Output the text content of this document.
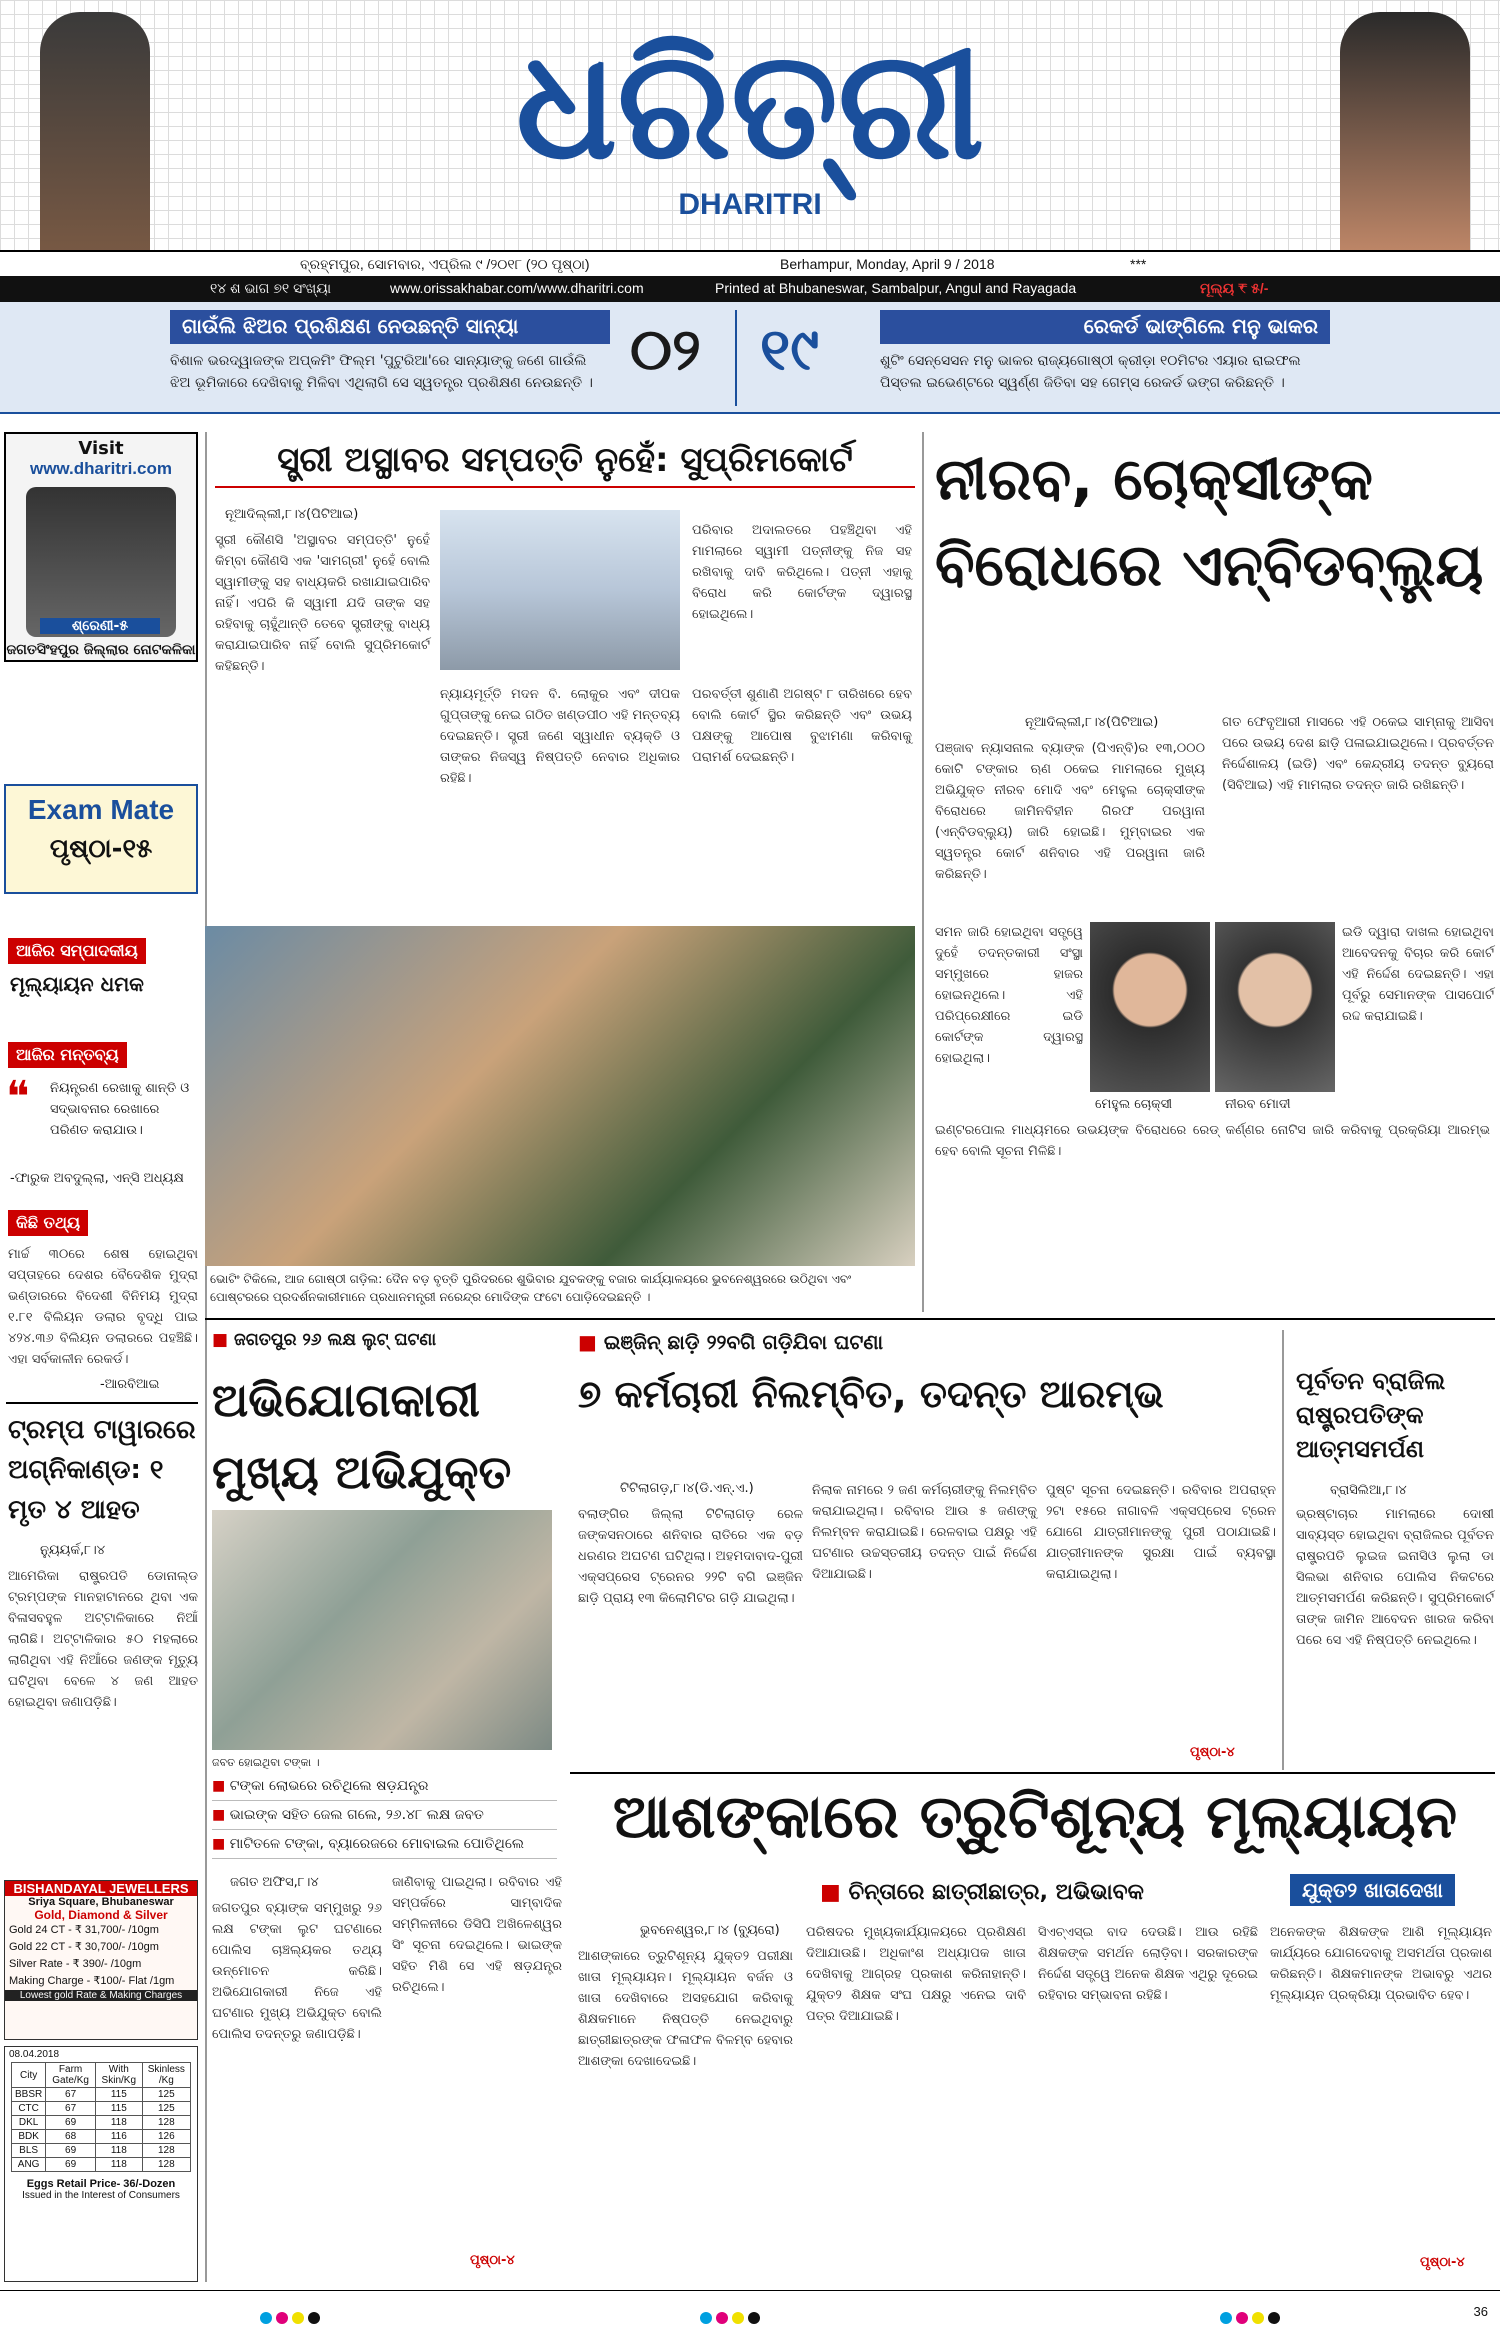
ଧରିତ୍ରୀ
DHARITRI
ବ୍ରହ୍ମପୁର, ସୋମବାର, ଏପ୍ରିଲ ୯ /୨୦୧୮ (୨୦ ପୃଷ୍ଠା)	Berhampur, Monday, April 9 / 2018	***
୧୪ ଶ ଭାଗ ୭୧ ସଂଖ୍ୟା	www.orissakhabar.com/www.dharitri.com	Printed at Bhubaneswar, Sambalpur, Angul and Rayagada	ମୂଲ୍ୟ ₹ ୫/-
ଗାଉଁଲି ଝିଅର ପ୍ରଶିକ୍ଷଣ ନେଉଛନ୍ତି ସାନ୍ୟା
ବିଶାଳ ଭରଦ୍ୱାଜଙ୍କ ଅପ୍‌କମିଂ ଫିଲ୍ମ 'ପୁଟୁରିଆ'ରେ ସାନ୍ୟାଙ୍କୁ ଜଣେ ଗାଉଁଲି ଝିଅ ଭୂମିକାରେ ଦେଖିବାକୁ ମିଳିବା ଏଥିଲାଗି ସେ ସ୍ୱତନ୍ତ୍ର ପ୍ରଶିକ୍ଷଣ ନେଉଛନ୍ତି । ୦୨ ୧୯	ରେକର୍ଡ ଭାଙ୍ଗିଲେ ମନୁ ଭାକର
ଶୁଟିଂ ସେନ୍‌ସେସନ ମନୁ ଭାକର ରାଜ୍ୟଗୋଷ୍ଠୀ କ୍ରୀଡ଼ା ୧୦ମିଟର ଏୟାର ରାଇଫଲ ପିସ୍ତଲ ଇଭେଣ୍ଟରେ ସ୍ୱର୍ଣ୍ଣ ଜିତିବା ସହ ଗେମ୍ସ ରେକର୍ଡ ଭଙ୍ଗ କରିଛନ୍ତି ।
Visit
www.dharitri.com
ଶ୍ରେଣୀ-୫
ଜଗତସିଂହପୁର ଜିଲ୍ଲାର ନୋଟକଳିକା
Exam Mate
ପୃଷ୍ଠା-୧୫
ଆଜିର ସମ୍ପାଦକୀୟ
ମୂଲ୍ୟାୟନ ଧମକ
ଆଜିର ମନ୍ତବ୍ୟ
❝ ନିୟନ୍ତ୍ରଣ ରେଖାକୁ ଶାନ୍ତି ଓ ସଦ୍‌ଭାବନାର ରେଖାରେ ପରିଣତ କରାଯାଉ।
-ଫାରୁକ ଅବଦୁଲ୍ଲା, ଏନ୍‌ସି ଅଧ୍ୟକ୍ଷ
କିଛି ତଥ୍ୟ
ମାର୍ଚ୍ଚ ୩୦ରେ ଶେଷ ହୋଇଥିବା ସପ୍ତାହରେ ଦେଶର ବୈଦେଶିକ ମୁଦ୍ରା ଭଣ୍ଡାରରେ ବିଦେଶୀ ବିନିମୟ ମୁଦ୍ରା ୧.୮୧ ବିଲିୟନ ଡଲାର ବୃଦ୍ଧି ପାଇ ୪୨୪.୩୬ ବିଲିୟନ ଡଲାରରେ ପହଞ୍ଚିଛି। ଏହା ସର୍ବକାଳୀନ ରେକର୍ଡ।
-ଆରବିଆଇ
ଟ୍ରମ୍ପ ଟାୱାରରେ ଅଗ୍ନିକାଣ୍ଡ: ୧ ମୃତ ୪ ଆହତ
ନ୍ୟୁୟର୍କ,୮।୪
ଆମେରିକା ରାଷ୍ଟ୍ରପତି ଡୋନାଲ୍ଡ ଟ୍ରମ୍ପଙ୍କ ମାନହାଟାନରେ ଥିବା ଏକ ବିଳାସବହୁଳ ଅଟ୍ଟାଳିକାରେ ନିଆଁ ଲାଗିଛି। ଅଟ୍ଟାଳିକାର ୫୦ ମହଲାରେ ଲାଗିଥିବା ଏହି ନିଆଁରେ ଜଣଙ୍କ ମୃତ୍ୟୁ ଘଟିଥିବା ବେଳେ ୪ ଜଣ ଆହତ ହୋଇଥିବା ଜଣାପଡ଼ିଛି।
BISHANDAYAL JEWELLERS
Sriya Square, Bhubaneswar
Gold, Diamond & Silver
Gold 24 CT - ₹ 31,700/- /10gm
Gold 22 CT - ₹ 30,700/- /10gm
Silver Rate - ₹ 390/- /10gm
Making Charge - ₹100/- Flat /1gm
Lowest gold Rate & Making Charges
08.04.2018
City	Farm Gate/Kg	With Skin/Kg	Skinless /Kg
BBSR	67	115	125
CTC	67	115	125
DKL	69	118	128
BDK	68	116	126
BLS	69	118	128
ANG	69	118	128
Eggs Retail Price- 36/-Dozen
Issued in the Interest of Consumers
ସ୍ତ୍ରୀ ଅସ୍ଥାବର ସମ୍ପତ୍ତି ନୁହେଁ: ସୁପ୍ରିମକୋର୍ଟ
ନୂଆଦିଲ୍ଲୀ,୮।୪(ପିଟିଆଇ)
ସ୍ତ୍ରୀ କୌଣସି 'ଅସ୍ଥାବର ସମ୍ପତ୍ତି' ନୁହେଁ କିମ୍ବା କୌଣସି ଏକ 'ସାମଗ୍ରୀ' ନୁହେଁ ବୋଲି ସ୍ୱାମୀଙ୍କୁ ସହ ବାଧ୍ୟକରି ରଖାଯାଇପାରିବ ନାହିଁ। ଏପରି କି ସ୍ୱାମୀ ଯଦି ତାଙ୍କ ସହ ରହିବାକୁ ଚାହୁଁଥାନ୍ତି ତେବେ ସ୍ତ୍ରୀଙ୍କୁ ବାଧ୍ୟ କରାଯାଇପାରିବ ନାହିଁ ବୋଲି ସୁପ୍ରିମକୋର୍ଟ କହିଛନ୍ତି।
ନ୍ୟାୟମୂର୍ତ୍ତି ମଦନ ବି. ଲୋକୁର ଏବଂ ଦୀପକ ଗୁପ୍ତାଙ୍କୁ ନେଇ ଗଠିତ ଖଣ୍ଡପୀଠ ଏହି ମନ୍ତବ୍ୟ ଦେଇଛନ୍ତି। ସ୍ତ୍ରୀ ଜଣେ ସ୍ୱାଧୀନ ବ୍ୟକ୍ତି ଓ ତାଙ୍କର ନିଜସ୍ୱ ନିଷ୍ପତ୍ତି ନେବାର ଅଧିକାର ରହିଛି।
ପରିବାର ଅଦାଲତରେ ପହଞ୍ଚିଥିବା ଏହି ମାମଲାରେ ସ୍ୱାମୀ ପତ୍ନୀଙ୍କୁ ନିଜ ସହ ରଖିବାକୁ ଦାବି କରିଥିଲେ। ପତ୍ନୀ ଏହାକୁ ବିରୋଧ କରି କୋର୍ଟଙ୍କ ଦ୍ୱାରସ୍ଥ ହୋଇଥିଲେ।
ପରବର୍ତ୍ତୀ ଶୁଣାଣି ଅଗଷ୍ଟ ୮ ତାରିଖରେ ହେବ ବୋଲି କୋର୍ଟ ସ୍ଥିର କରିଛନ୍ତି ଏବଂ ଉଭୟ ପକ୍ଷଙ୍କୁ ଆପୋଷ ବୁଝାମଣା କରିବାକୁ ପରାମର୍ଶ ଦେଇଛନ୍ତି।
ନୀରବ, ଚୋକ୍‌ସୀଙ୍କ ବିରୋଧରେ ଏନ୍‌ବିଡବ୍ଲ୍ୟୁ
ନୂଆଦିଲ୍ଲୀ,୮।୪(ପିଟିଆଇ)
ପଞ୍ଜାବ ନ୍ୟାସନାଲ ବ୍ୟାଙ୍କ (ପିଏନ୍‌ବି)ର ୧୩,୦୦୦ କୋଟି ଟଙ୍କାର ଋଣ ଠକେଇ ମାମଲାରେ ମୁଖ୍ୟ ଅଭିଯୁକ୍ତ ନୀରବ ମୋଦି ଏବଂ ମେହୁଲ ଚୋକ୍‌ସୀଙ୍କ ବିରୋଧରେ ଜାମିନବିହୀନ ଗିରଫ ପରୱାନା (ଏନ୍‌ବିଡବ୍ଲ୍ୟୁ) ଜାରି ହୋଇଛି। ମୁମ୍ବାଇର ଏକ ସ୍ୱତନ୍ତ୍ର କୋର୍ଟ ଶନିବାର ଏହି ପରୱାନା ଜାରି କରିଛନ୍ତି।
ଗତ ଫେବୃଆରୀ ମାସରେ ଏହି ଠକେଇ ସାମ୍ନାକୁ ଆସିବା ପରେ ଉଭୟ ଦେଶ ଛାଡ଼ି ପଳାଇଯାଇଥିଲେ। ପ୍ରବର୍ତ୍ତନ ନିର୍ଦ୍ଦେଶାଳୟ (ଇଡି) ଏବଂ କେନ୍ଦ୍ରୀୟ ତଦନ୍ତ ବ୍ୟୁରୋ (ସିବିଆଇ) ଏହି ମାମଲାର ତଦନ୍ତ ଜାରି ରଖିଛନ୍ତି।
ମେହୁଲ ଚୋକ୍‌ସୀ	ନୀରବ ମୋଦୀ
ସମନ ଜାରି ହୋଇଥିବା ସତ୍ତ୍ୱେ ଦୁହେଁ ତଦନ୍ତକାରୀ ସଂସ୍ଥା ସମ୍ମୁଖରେ ହାଜର ହୋଇନଥିଲେ। ଏହି ପରିପ୍ରେକ୍ଷୀରେ ଇଡି କୋର୍ଟଙ୍କ ଦ୍ୱାରସ୍ଥ ହୋଇଥିଲା।
ଇଡି ଦ୍ୱାରା ଦାଖଲ ହୋଇଥିବା ଆବେଦନକୁ ବିଚାର କରି କୋର୍ଟ ଏହି ନିର୍ଦ୍ଦେଶ ଦେଇଛନ୍ତି। ଏହା ପୂର୍ବରୁ ସେମାନଙ୍କ ପାସପୋର୍ଟ ରଦ୍ଦ କରାଯାଇଛି।
ଇଣ୍ଟରପୋଲ ମାଧ୍ୟମରେ ଉଭୟଙ୍କ ବିରୋଧରେ ରେଡ୍ କର୍ଣ୍ଣର ନୋଟିସ ଜାରି କରିବାକୁ ପ୍ରକ୍ରିୟା ଆରମ୍ଭ ହେବ ବୋଲି ସୂଚନା ମିଳିଛି।
ଭୋଟିଂ ଟିକିଲେ, ଆଜ ଗୋଷ୍ଠୀ ଗଡ଼ିଲ: ଦୈନ ବଡ଼ ବୃତ୍ତି ପୁରିଦରରେ ଶୁଭିବାର ଯୁବକଙ୍କୁ ବଜାର କାର୍ଯ୍ୟାଳୟରେ ଭୁବନେଶ୍ୱରରେ ଉଠିଥିବା ଏବଂ ପୋଷ୍ଟରରେ ପ୍ରଦର୍ଶନକାରୀମାନେ ପ୍ରଧାନମନ୍ତ୍ରୀ ନରେନ୍ଦ୍ର ମୋଦିଙ୍କ ଫଟୋ ପୋଡ଼ିଦେଇଛନ୍ତି ।
■ ଜଗତପୁର ୨୬ ଲକ୍ଷ ଲୁଟ୍ ଘଟଣା
ଅଭିଯୋଗକାରୀ ମୁଖ୍ୟ ଅଭିଯୁକ୍ତ
ଜବତ ହୋଇଥିବା ଟଙ୍କା ।
■ ଟଙ୍କା ଲୋଭରେ ରଚିଥିଲେ ଷଡ଼ଯନ୍ତ୍ର
■ ଭାଇଙ୍କ ସହିତ ଜେଲ ଗଲେ, ୨୬.୪୮ ଲକ୍ଷ ଜବତ
■ ମାଟିତଳେ ଟଙ୍କା, ବ୍ୟାରେଜରେ ମୋବାଇଲ ପୋତିଥିଲେ
ଜଗତ ଅଫିସ,୮।୪
ଜଗତପୁର ବ୍ୟାଙ୍କ ସମ୍ମୁଖରୁ ୨୬ ଲକ୍ଷ ଟଙ୍କା ଲୁଟ ଘଟଣାରେ ପୋଲିସ ଚାଞ୍ଚଲ୍ୟକର ତଥ୍ୟ ଉନ୍ମୋଚନ କରିଛି। ଅଭିଯୋଗକାରୀ ନିଜେ ଏହି ଘଟଣାର ମୁଖ୍ୟ ଅଭିଯୁକ୍ତ ବୋଲି ପୋଲିସ ତଦନ୍ତରୁ ଜଣାପଡ଼ିଛି।
ଜାଣିବାକୁ ପାଇଥିଲା। ରବିବାର ଏହି ସମ୍ପର୍କରେ ସାମ୍ବାଦିକ ସମ୍ମିଳନୀରେ ଡିସିପି ଅଖିଳେଶ୍ୱର ସିଂ ସୂଚନା ଦେଇଥିଲେ। ଭାଇଙ୍କ ସହିତ ମିଶି ସେ ଏହି ଷଡ଼ଯନ୍ତ୍ର ରଚିଥିଲେ।
ପୃଷ୍ଠା-୪
■ ଇଞ୍ଜିନ୍ ଛାଡ଼ି ୨୨ବଗି ଗଡ଼ିଯିବା ଘଟଣା
୭ କର୍ମଚାରୀ ନିଲମ୍ବିତ, ତଦନ୍ତ ଆରମ୍ଭ
ଟିଟିଲାଗଡ଼,୮।୪(ଡି.ଏନ୍.ଏ.)
ବଲାଙ୍ଗିର ଜିଲ୍ଲା ଟିଟିଲାଗଡ଼ ରେଳ ଜଙ୍କସନଠାରେ ଶନିବାର ରାତିରେ ଏକ ବଡ଼ ଧରଣର ଅଘଟଣ ଘଟିଥିଲା। ଅହମଦାବାଦ-ପୁରୀ ଏକ୍ସପ୍ରେସ ଟ୍ରେନର ୨୨ଟି ବଗି ଇଞ୍ଜିନ ଛାଡ଼ି ପ୍ରାୟ ୧୩ କିଲୋମିଟର ଗଡ଼ି ଯାଇଥିଲା।
ନିଲାକ ନାମରେ ୨ ଜଣ କର୍ମଚାରୀଙ୍କୁ ନିଲମ୍ବିତ କରାଯାଇଥିଲା। ରବିବାର ଆଉ ୫ ଜଣଙ୍କୁ ନିଲମ୍ବନ କରାଯାଇଛି। ରେଳବାଇ ପକ୍ଷରୁ ଏହି ଘଟଣାର ଉଚ୍ଚସ୍ତରୀୟ ତଦନ୍ତ ପାଇଁ ନିର୍ଦ୍ଦେଶ ଦିଆଯାଇଛି।
ପୁଷ୍ଟ ସୂଚନା ଦେଇଛନ୍ତି। ରବିବାର ଅପରାହ୍ନ ୨ଟା ୧୫ରେ ନାଗାବଳି ଏକ୍ସପ୍ରେସ ଟ୍ରେନ ଯୋଗେ ଯାତ୍ରୀମାନଙ୍କୁ ପୁରୀ ପଠାଯାଇଛି। ଯାତ୍ରୀମାନଙ୍କ ସୁରକ୍ଷା ପାଇଁ ବ୍ୟବସ୍ଥା କରାଯାଇଥିଲା।
ପୃଷ୍ଠା-୪
ପୂର୍ବତନ ବ୍ରାଜିଲ ରାଷ୍ଟ୍ରପତିଙ୍କ ଆତ୍ମସମର୍ପଣ
ବ୍ରାସିଲିଆ,୮।୪
ଭ୍ରଷ୍ଟାଚାର ମାମଲାରେ ଦୋଷୀ ସାବ୍ୟସ୍ତ ହୋଇଥିବା ବ୍ରାଜିଲର ପୂର୍ବତନ ରାଷ୍ଟ୍ରପତି ଲୁଇଜ ଇନାସିଓ ଲୁଲା ଡା ସିଲଭା ଶନିବାର ପୋଲିସ ନିକଟରେ ଆତ୍ମସମର୍ପଣ କରିଛନ୍ତି। ସୁପ୍ରିମକୋର୍ଟ ତାଙ୍କ ଜାମିନ ଆବେଦନ ଖାରଜ କରିବା ପରେ ସେ ଏହି ନିଷ୍ପତ୍ତି ନେଇଥିଲେ।
ଆଶଙ୍କାରେ ତ୍ରୁଟିଶୂନ୍ୟ ମୂଲ୍ୟାୟନ
■ ଚିନ୍ତାରେ ଛାତ୍ରୀଛାତ୍ର, ଅଭିଭାବକ	ଯୁକ୍ତ୨ ଖାତାଦେଖା
ଭୁବନେଶ୍ୱର,୮।୪ (ବ୍ୟୁରୋ)
ଆଶଙ୍କାରେ ତ୍ରୁଟିଶୂନ୍ୟ ଯୁକ୍ତ୨ ପରୀକ୍ଷା ଖାତା ମୂଲ୍ୟାୟନ। ମୂଲ୍ୟାୟନ ବର୍ଜନ ଓ ଖାତା ଦେଖିବାରେ ଅସହଯୋଗ କରିବାକୁ ଶିକ୍ଷକମାନେ ନିଷ୍ପତ୍ତି ନେଇଥିବାରୁ ଛାତ୍ରୀଛାତ୍ରଙ୍କ ଫଳାଫଳ ବିଳମ୍ବ ହେବାର ଆଶଙ୍କା ଦେଖାଦେଇଛି।
ପରିଷଦର ମୁଖ୍ୟକାର୍ଯ୍ୟାଳୟରେ ପ୍ରଶିକ୍ଷଣ ଦିଆଯାଉଛି। ଅଧିକାଂଶ ଅଧ୍ୟାପକ ଖାତା ଦେଖିବାକୁ ଆଗ୍ରହ ପ୍ରକାଶ କରିନାହାନ୍ତି। ଯୁକ୍ତ୨ ଶିକ୍ଷକ ସଂଘ ପକ୍ଷରୁ ଏନେଇ ଦାବି ପତ୍ର ଦିଆଯାଇଛି।
ସିଏଚ୍‌ଏସ୍‌ଇ ବାଦ ଦେଉଛି। ଆଉ ରହିଛି ଶିକ୍ଷକଙ୍କ ସମର୍ଥନ ଲୋଡ଼ିବା। ସରକାରଙ୍କ ନିର୍ଦ୍ଦେଶ ସତ୍ତ୍ୱେ ଅନେକ ଶିକ୍ଷକ ଏଥିରୁ ଦୂରେଇ ରହିବାର ସମ୍ଭାବନା ରହିଛି।
ଅନେକଙ୍କ ଶିକ୍ଷକଙ୍କ ଆଶି ମୂଲ୍ୟାୟନ କାର୍ଯ୍ୟରେ ଯୋଗଦେବାକୁ ଅସମର୍ଥତା ପ୍ରକାଶ କରିଛନ୍ତି। ଶିକ୍ଷକମାନଙ୍କ ଅଭାବରୁ ଏଥର ମୂଲ୍ୟାୟନ ପ୍ରକ୍ରିୟା ପ୍ରଭାବିତ ହେବ।
ପୃଷ୍ଠା-୪
36
